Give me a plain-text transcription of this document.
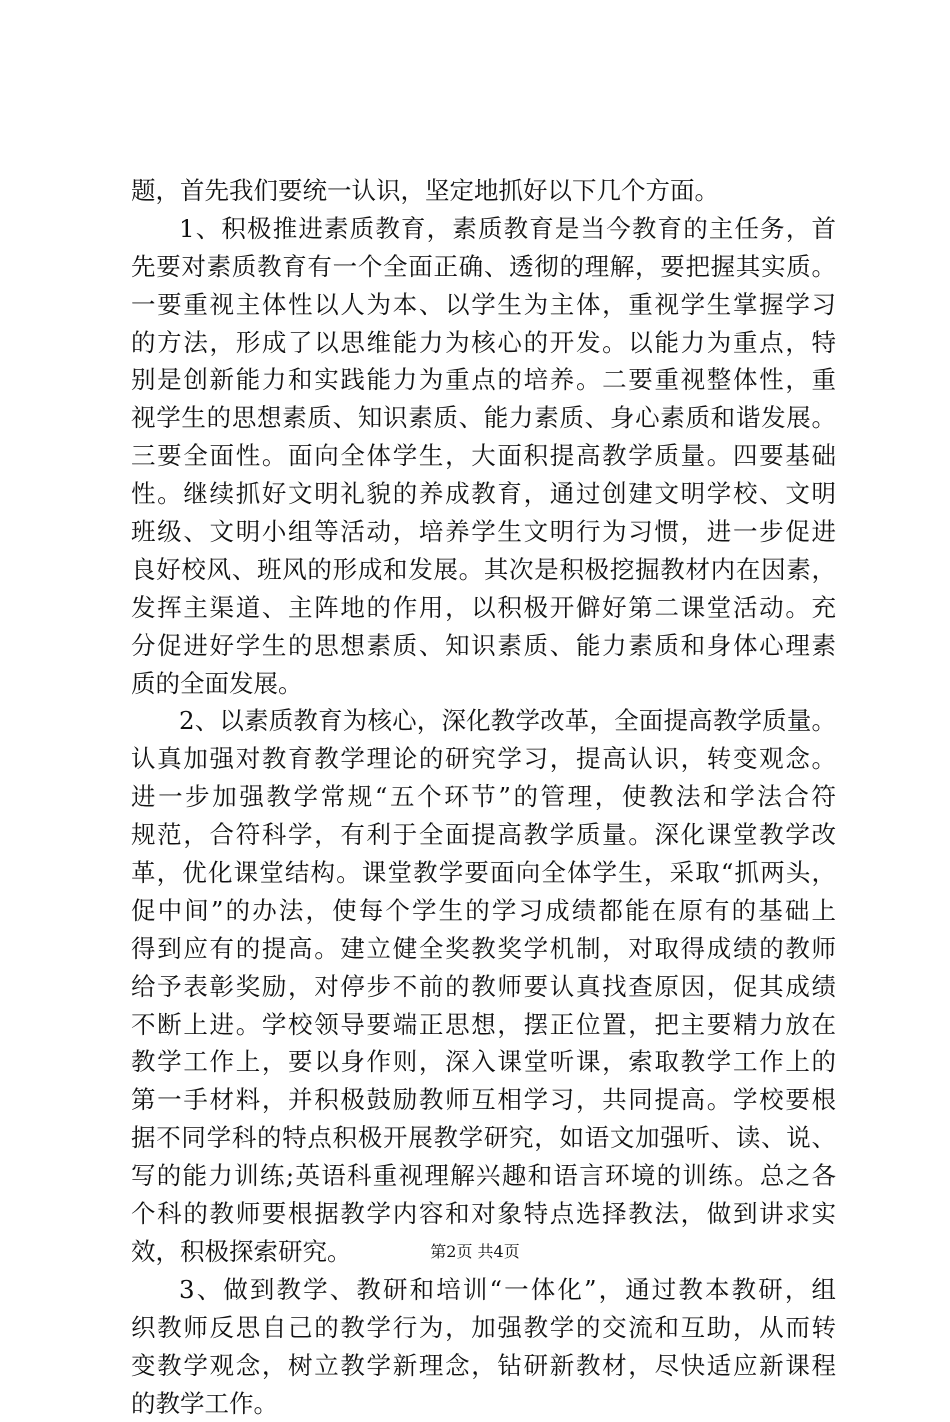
题，首先我们要统一认识，坚定地抓好以下几个方面。
1、积极推进素质教育，素质教育是当今教育的主任务，首
先要对素质教育有一个全面正确、透彻的理解，要把握其实质。
一要重视主体性以人为本、以学生为主体，重视学生掌握学习
的方法，形成了以思维能力为核心的开发。以能力为重点，特
别是创新能力和实践能力为重点的培养。二要重视整体性，重
视学生的思想素质、知识素质、能力素质、身心素质和谐发展。
三要全面性。面向全体学生，大面积提高教学质量。四要基础
性。继续抓好文明礼貌的养成教育，通过创建文明学校、文明
班级、文明小组等活动，培养学生文明行为习惯，进一步促进
良好校风、班风的形成和发展。其次是积极挖掘教材内在因素，
发挥主渠道、主阵地的作用，以积极开僻好第二课堂活动。充
分促进好学生的思想素质、知识素质、能力素质和身体心理素
质的全面发展。
2、以素质教育为核心，深化教学改革，全面提高教学质量。
认真加强对教育教学理论的研究学习，提高认识，转变观念。
进一步加强教学常规“五个环节”的管理，使教法和学法合符
规范，合符科学，有利于全面提高教学质量。深化课堂教学改
革，优化课堂结构。课堂教学要面向全体学生，采取“抓两头，
促中间”的办法，使每个学生的学习成绩都能在原有的基础上
得到应有的提高。建立健全奖教奖学机制，对取得成绩的教师
给予表彰奖励，对停步不前的教师要认真找查原因，促其成绩
不断上进。学校领导要端正思想，摆正位置，把主要精力放在
教学工作上，要以身作则，深入课堂听课，索取教学工作上的
第一手材料，并积极鼓励教师互相学习，共同提高。学校要根
据不同学科的特点积极开展教学研究，如语文加强听、读、说、
写的能力训练;英语科重视理解兴趣和语言环境的训练。总之各
个科的教师要根据教学内容和对象特点选择教法，做到讲求实
效，积极探索研究。
3、做到教学、教研和培训“一体化”，通过教本教研，组
织教师反思自己的教学行为，加强教学的交流和互助，从而转
变教学观念，树立教学新理念，钻研新教材，尽快适应新课程
的教学工作。
第2页 共4页
